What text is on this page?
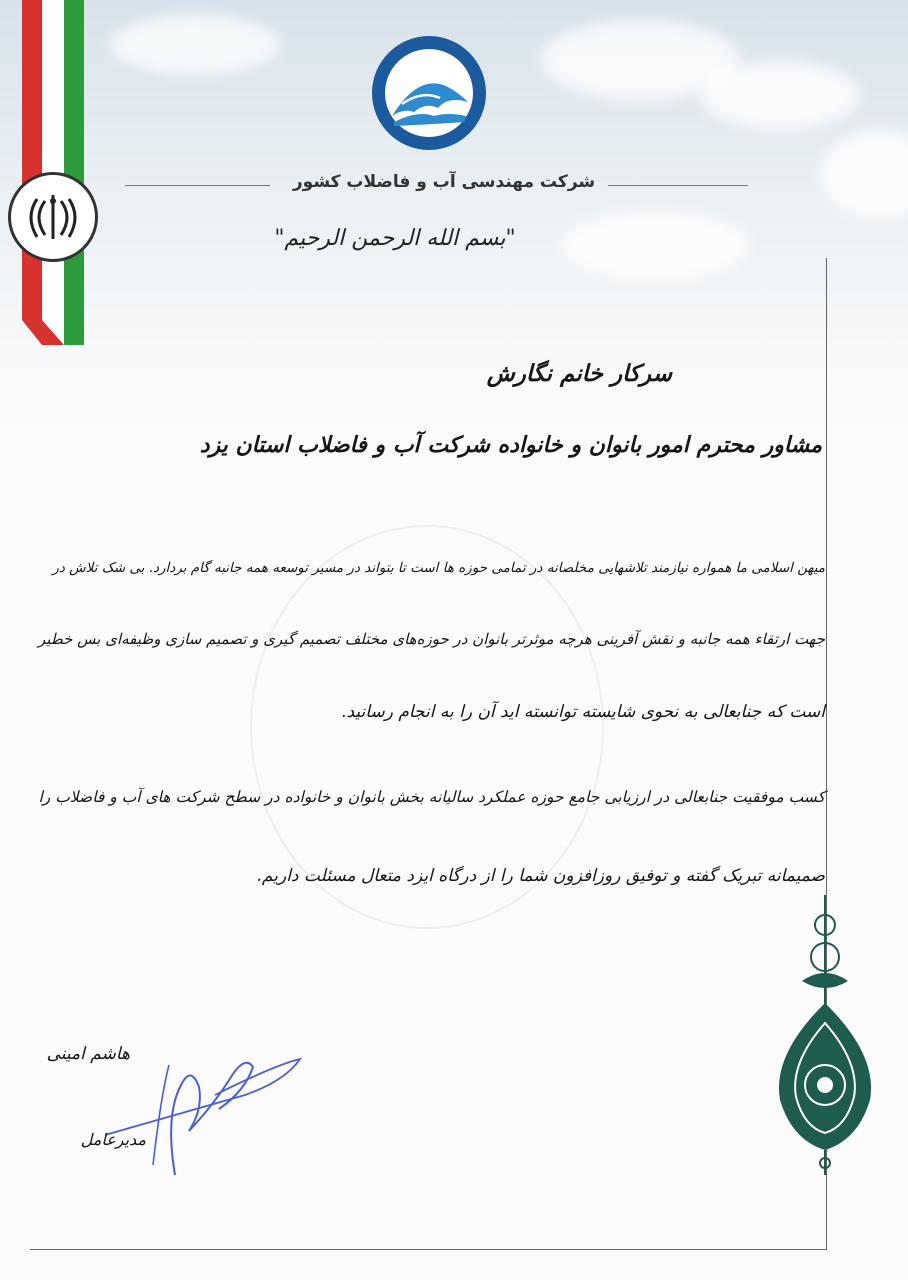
شرکت مهندسی آب و فاضلاب کشور
"بسم الله الرحمن الرحیم"
سرکار خانم نگارش
مشاور محترم امور بانوان و خانواده شرکت آب و فاضلاب استان یزد
میهن اسلامی ما همواره نیازمند تلاشهایی مخلصانه در تمامی حوزه ها است تا بتواند در مسیر توسعه همه جانبه گام بردارد. بی شک تلاش در
جهت ارتقاء همه جانبه و نقش آفرینی هرچه موثرتر بانوان در حوزه‌های مختلف تصمیم گیری و تصمیم سازی وظیفه‌ای بس خطیر
است که جنابعالی به نحوی شایسته توانسته اید آن را به انجام رسانید.
کسب موفقیت جنابعالی در ارزیابی جامع حوزه عملکرد سالیانه بخش بانوان و خانواده در سطح شرکت های آب و فاضلاب را
صمیمانه تبریک گفته و توفیق روزافزون شما را از درگاه ایزد متعال مسئلت داریم.
هاشم امینی
مدیرعامل
